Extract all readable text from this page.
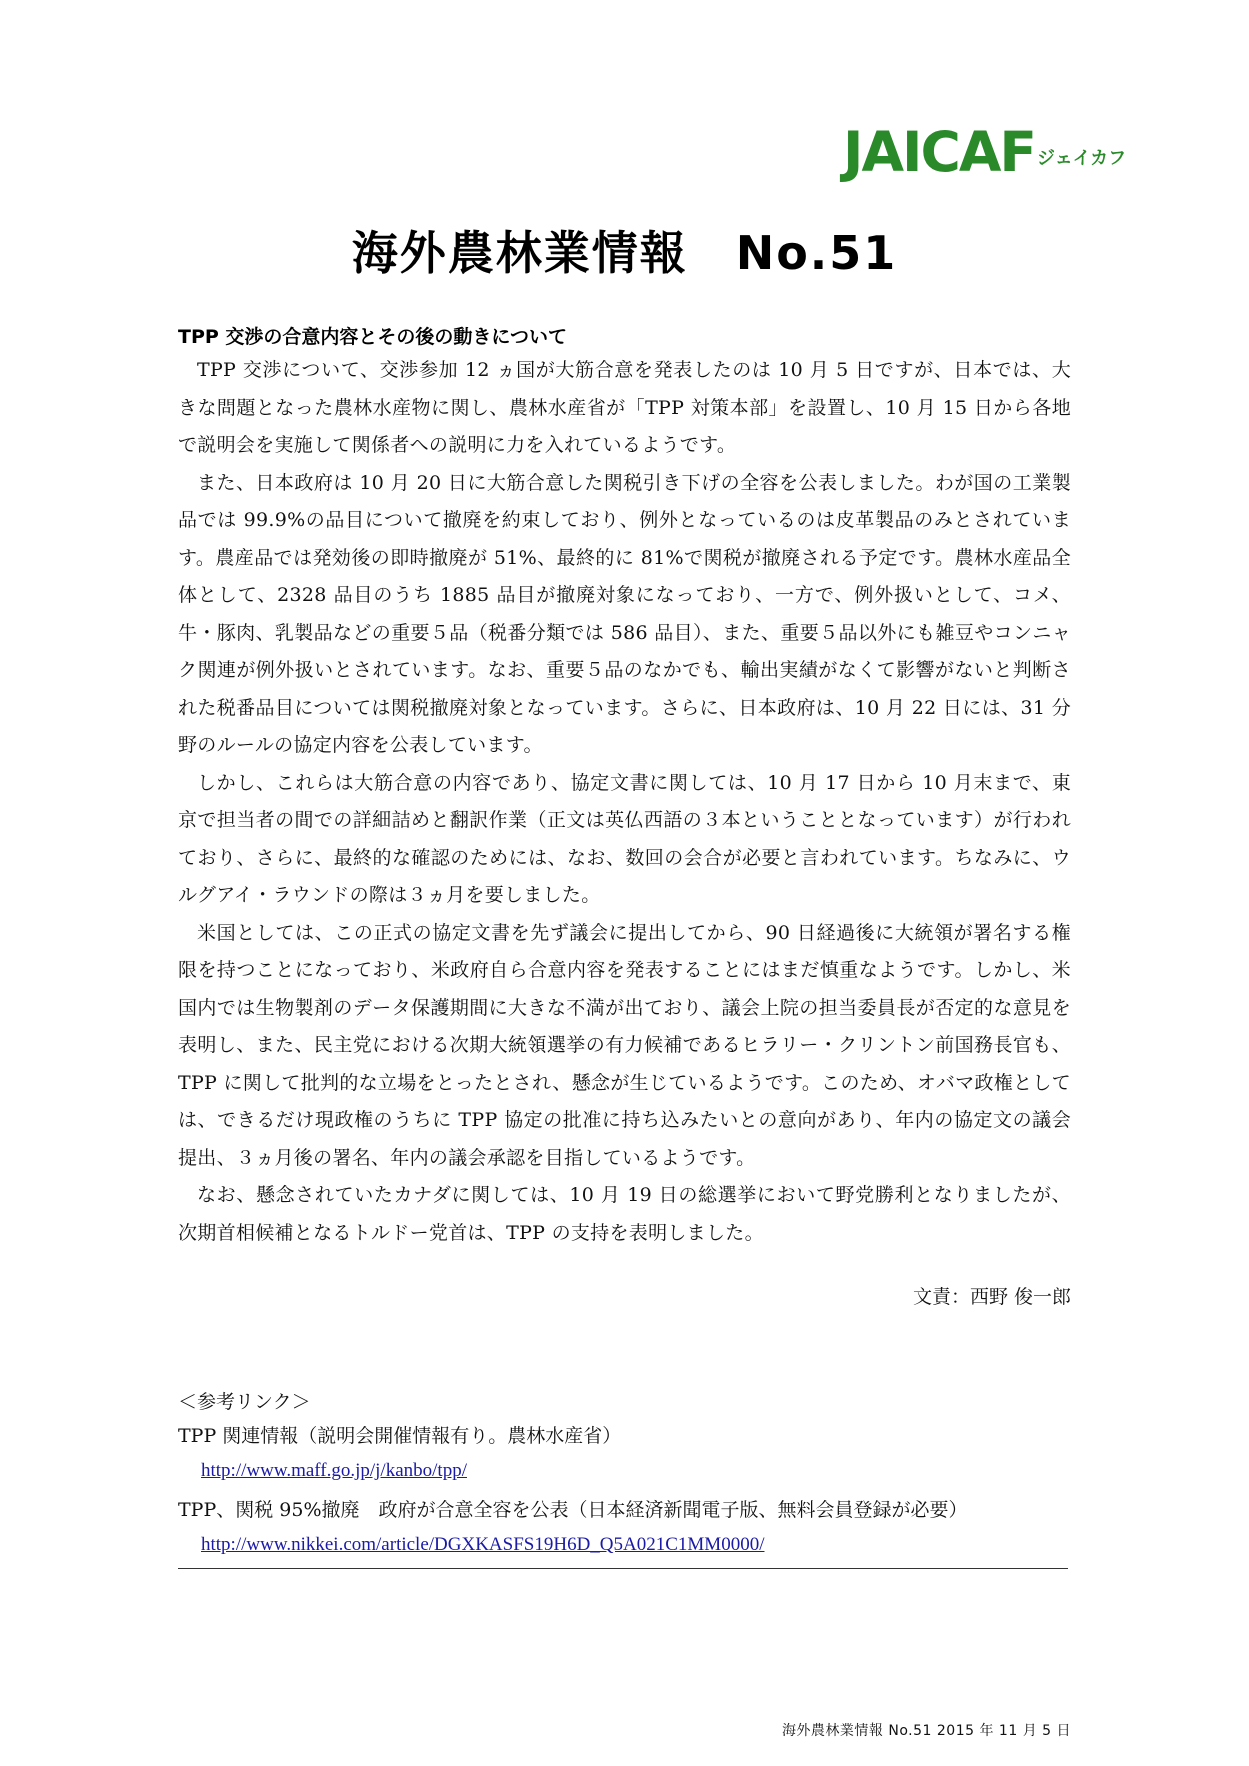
JAICAF ジェイカフ
海外農林業情報　No.51
TPP 交渉の合意内容とその後の動きについて

TPP 交渉について、交渉参加 12 ヵ国が大筋合意を発表したのは 10 月 5 日ですが、日本では、大きな問題となった農林水産物に関し、農林水産省が「TPP 対策本部」を設置し、10 月 15 日から各地で説明会を実施して関係者への説明に力を入れているようです。

また、日本政府は 10 月 20 日に大筋合意した関税引き下げの全容を公表しました。わが国の工業製品では 99.9%の品目について撤廃を約束しており、例外となっているのは皮革製品のみとされています。農産品では発効後の即時撤廃が 51%、最終的に 81%で関税が撤廃される予定です。農林水産品全体として、2328 品目のうち 1885 品目が撤廃対象になっており、一方で、例外扱いとして、コメ、牛・豚肉、乳製品などの重要５品（税番分類では 586 品目）、また、重要５品以外にも雑豆やコンニャク関連が例外扱いとされています。なお、重要５品のなかでも、輸出実績がなくて影響がないと判断された税番品目については関税撤廃対象となっています。さらに、日本政府は、10 月 22 日には、31 分野のルールの協定内容を公表しています。

しかし、これらは大筋合意の内容であり、協定文書に関しては、10 月 17 日から 10 月末まで、東京で担当者の間での詳細詰めと翻訳作業（正文は英仏西語の３本ということとなっています）が行われており、さらに、最終的な確認のためには、なお、数回の会合が必要と言われています。ちなみに、ウルグアイ・ラウンドの際は３ヵ月を要しました。

米国としては、この正式の協定文書を先ず議会に提出してから、90 日経過後に大統領が署名する権限を持つことになっており、米政府自ら合意内容を発表することにはまだ慎重なようです。しかし、米国内では生物製剤のデータ保護期間に大きな不満が出ており、議会上院の担当委員長が否定的な意見を表明し、また、民主党における次期大統領選挙の有力候補であるヒラリー・クリントン前国務長官も、TPP に関して批判的な立場をとったとされ、懸念が生じているようです。このため、オバマ政権としては、できるだけ現政権のうちに TPP 協定の批准に持ち込みたいとの意向があり、年内の協定文の議会提出、３ヵ月後の署名、年内の議会承認を目指しているようです。

なお、懸念されていたカナダに関しては、10 月 19 日の総選挙において野党勝利となりましたが、次期首相候補となるトルドー党首は、TPP の支持を表明しました。

文責：西野 俊一郎

＜参考リンク＞

TPP 関連情報（説明会開催情報有り。農林水産省）
http://www.maff.go.jp/j/kanbo/tpp/
TPP、関税 95%撤廃　政府が合意全容を公表（日本経済新聞電子版、無料会員登録が必要）
http://www.nikkei.com/article/DGXKASFS19H6D_Q5A021C1MM0000/
海外農林業情報 No.51 2015 年 11 月 5 日
